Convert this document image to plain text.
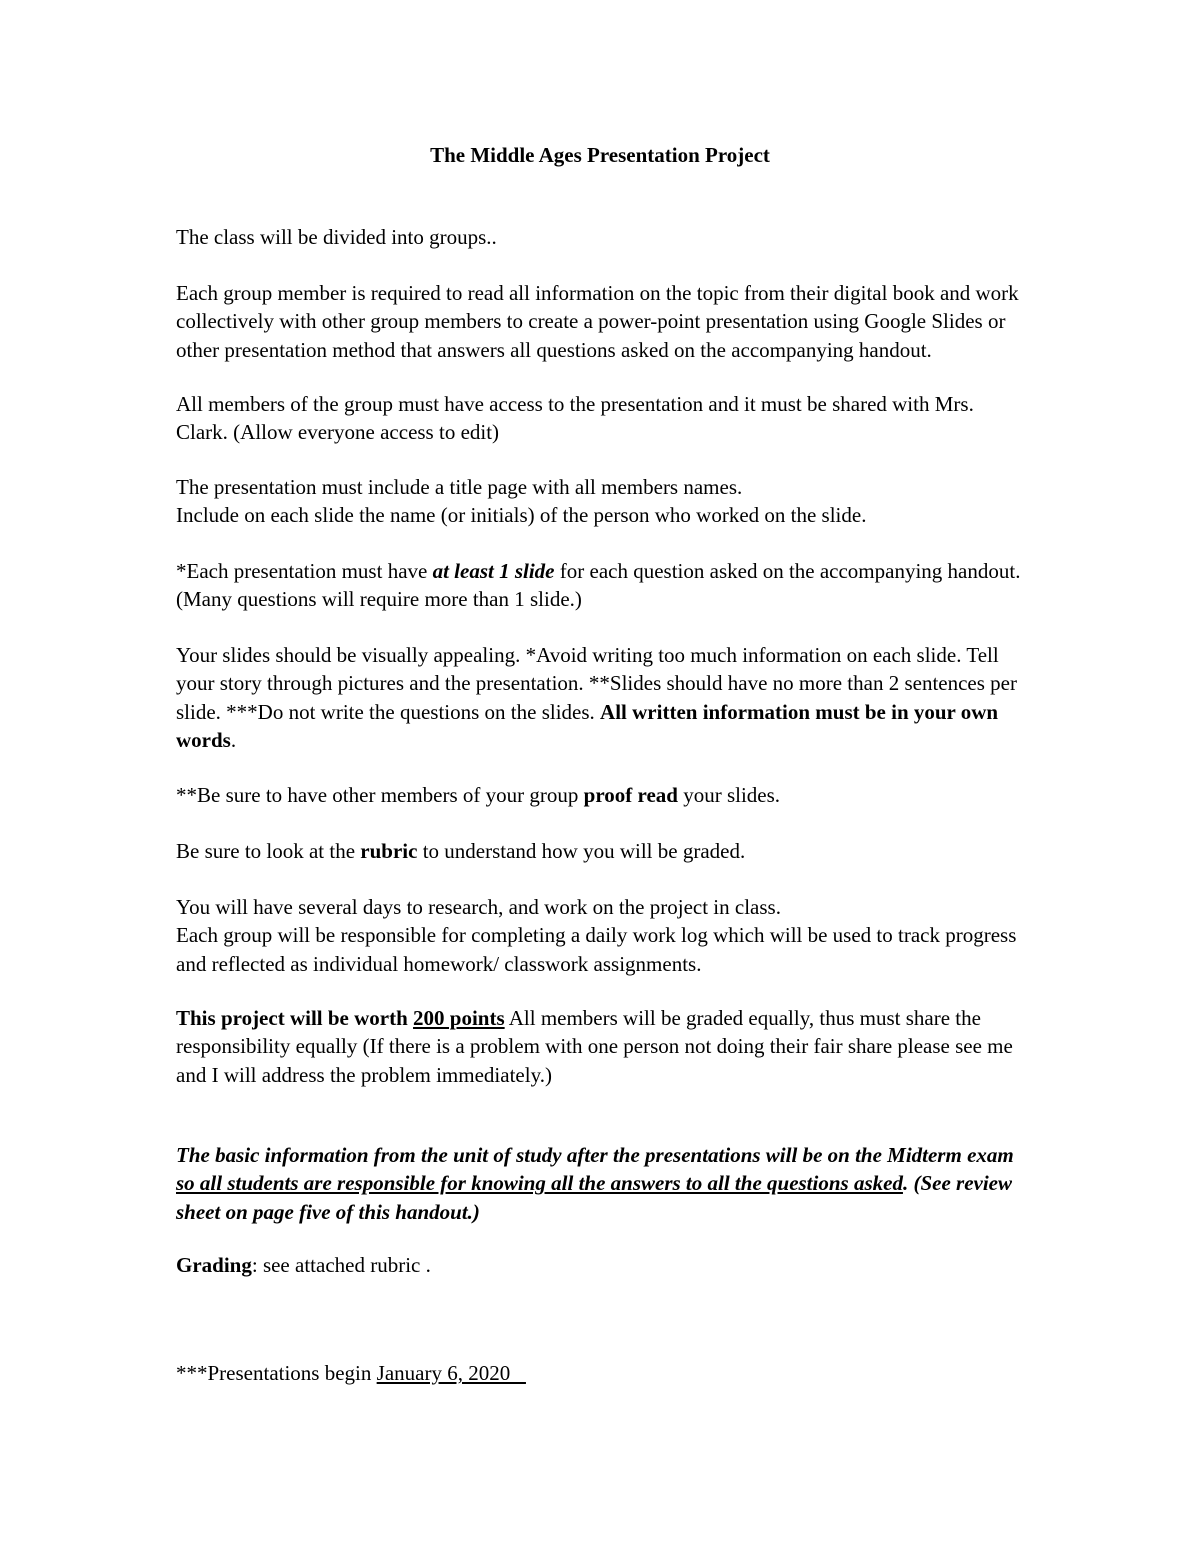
The Middle Ages Presentation Project
The class will be divided into groups..
Each group member is required to read all information on the topic from their digital book and work
collectively with other group members to create a power-point presentation using Google Slides or
other presentation method that answers all questions asked on the accompanying handout.
All members of the group must have access to the presentation and it must be shared with Mrs.
Clark. (Allow everyone access to edit)
The presentation must include a title page with all members names.
Include on each slide the name (or initials) of the person who worked on the slide.
*Each presentation must have at least 1 slide for each question asked on the accompanying handout.
(Many questions will require more than 1 slide.)
Your slides should be visually appealing. *Avoid writing too much information on each slide. Tell
your story through pictures and the presentation. **Slides should have no more than 2 sentences per
slide. ***Do not write the questions on the slides. All written information must be in your own
words.
**Be sure to have other members of your group proof read your slides.
Be sure to look at the rubric to understand how you will be graded.
You will have several days to research, and work on the project in class.
Each group will be responsible for completing a daily work log which will be used to track progress
and reflected as individual homework/ classwork assignments.
This project will be worth 200 points All members will be graded equally, thus must share the
responsibility equally (If there is a problem with one person not doing their fair share please see me
and I will address the problem immediately.)
The basic information from the unit of study after the presentations will be on the Midterm exam
so all students are responsible for knowing all the answers to all the questions asked. (See review
sheet on page five of this handout.)
Grading: see attached rubric .
***Presentations begin January 6, 2020
